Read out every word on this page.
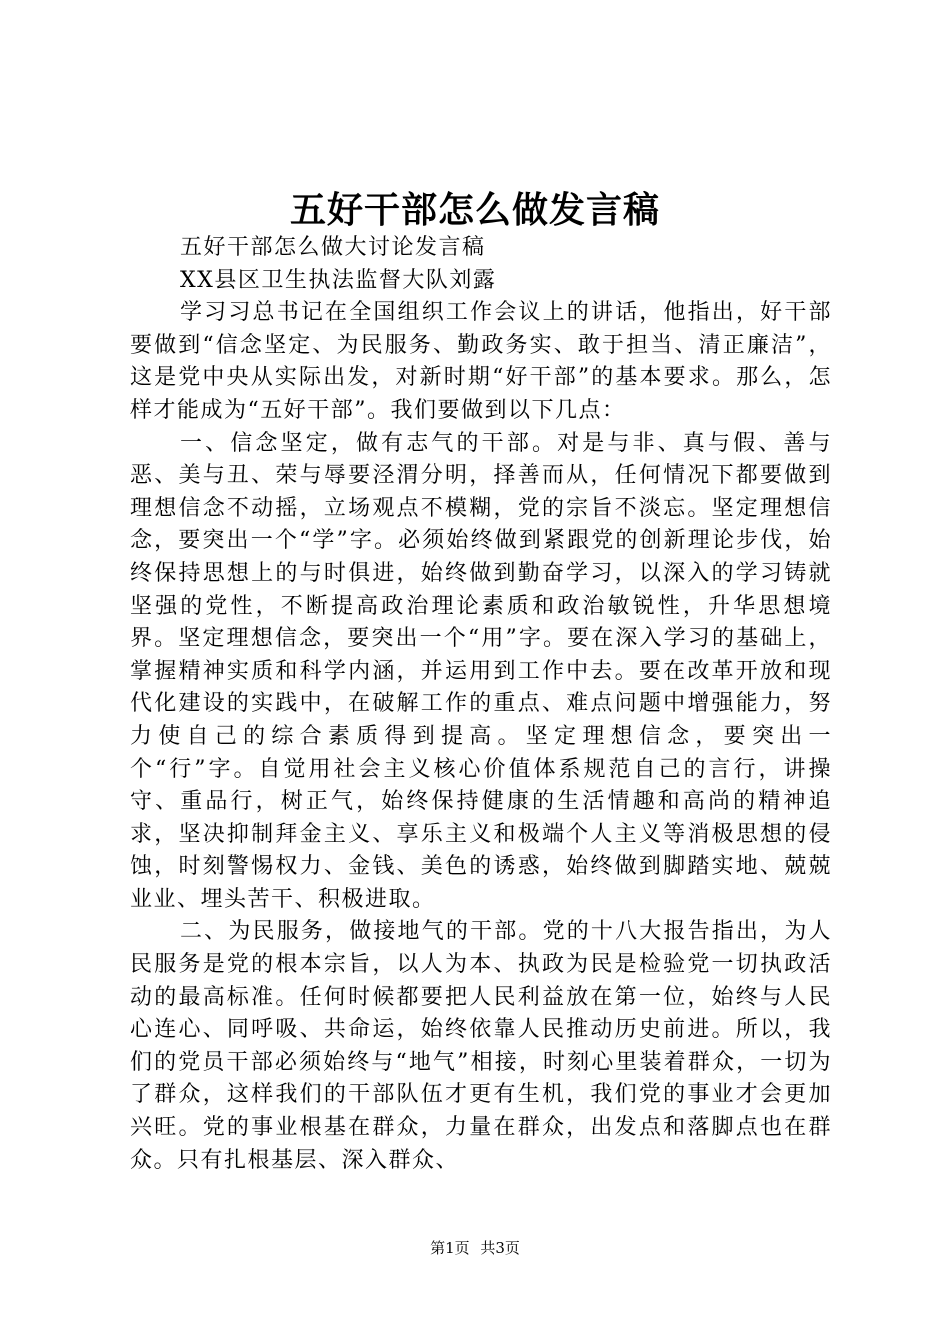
五好干部怎么做发言稿

五好干部怎么做大讨论发言稿

XX县区卫生执法监督大队刘露

学习习总书记在全国组织工作会议上的讲话，他指出，好干部要做到“信念坚定、为民服务、勤政务实、敢于担当、清正廉洁”，这是党中央从实际出发，对新时期“好干部”的基本要求。那么，怎样才能成为“五好干部”。我们要做到以下几点：

一、信念坚定，做有志气的干部。对是与非、真与假、善与恶、美与丑、荣与辱要泾渭分明，择善而从，任何情况下都要做到理想信念不动摇，立场观点不模糊，党的宗旨不淡忘。坚定理想信念，要突出一个“学”字。必须始终做到紧跟党的创新理论步伐，始终保持思想上的与时俱进，始终做到勤奋学习，以深入的学习铸就坚强的党性，不断提高政治理论素质和政治敏锐性，升华思想境界。坚定理想信念，要突出一个“用”字。要在深入学习的基础上，掌握精神实质和科学内涵，并运用到工作中去。要在改革开放和现代化建设的实践中，在破解工作的重点、难点问题中增强能力，努力使自己的综合素质得到提高。坚定理想信念，要突出一个“行”字。自觉用社会主义核心价值体系规范自己的言行，讲操守、重品行，树正气，始终保持健康的生活情趣和高尚的精神追求，坚决抑制拜金主义、享乐主义和极端个人主义等消极思想的侵蚀，时刻警惕权力、金钱、美色的诱惑，始终做到脚踏实地、兢兢业业、埋头苦干、积极进取。

二、为民服务，做接地气的干部。党的十八大报告指出，为人民服务是党的根本宗旨，以人为本、执政为民是检验党一切执政活动的最高标准。任何时候都要把人民利益放在第一位，始终与人民心连心、同呼吸、共命运，始终依靠人民推动历史前进。所以，我们的党员干部必须始终与“地气”相接，时刻心里装着群众，一切为了群众，这样我们的干部队伍才更有生机，我们党的事业才会更加兴旺。党的事业根基在群众，力量在群众，出发点和落脚点也在群众。只有扎根基层、深入群众、

第1页 共3页
